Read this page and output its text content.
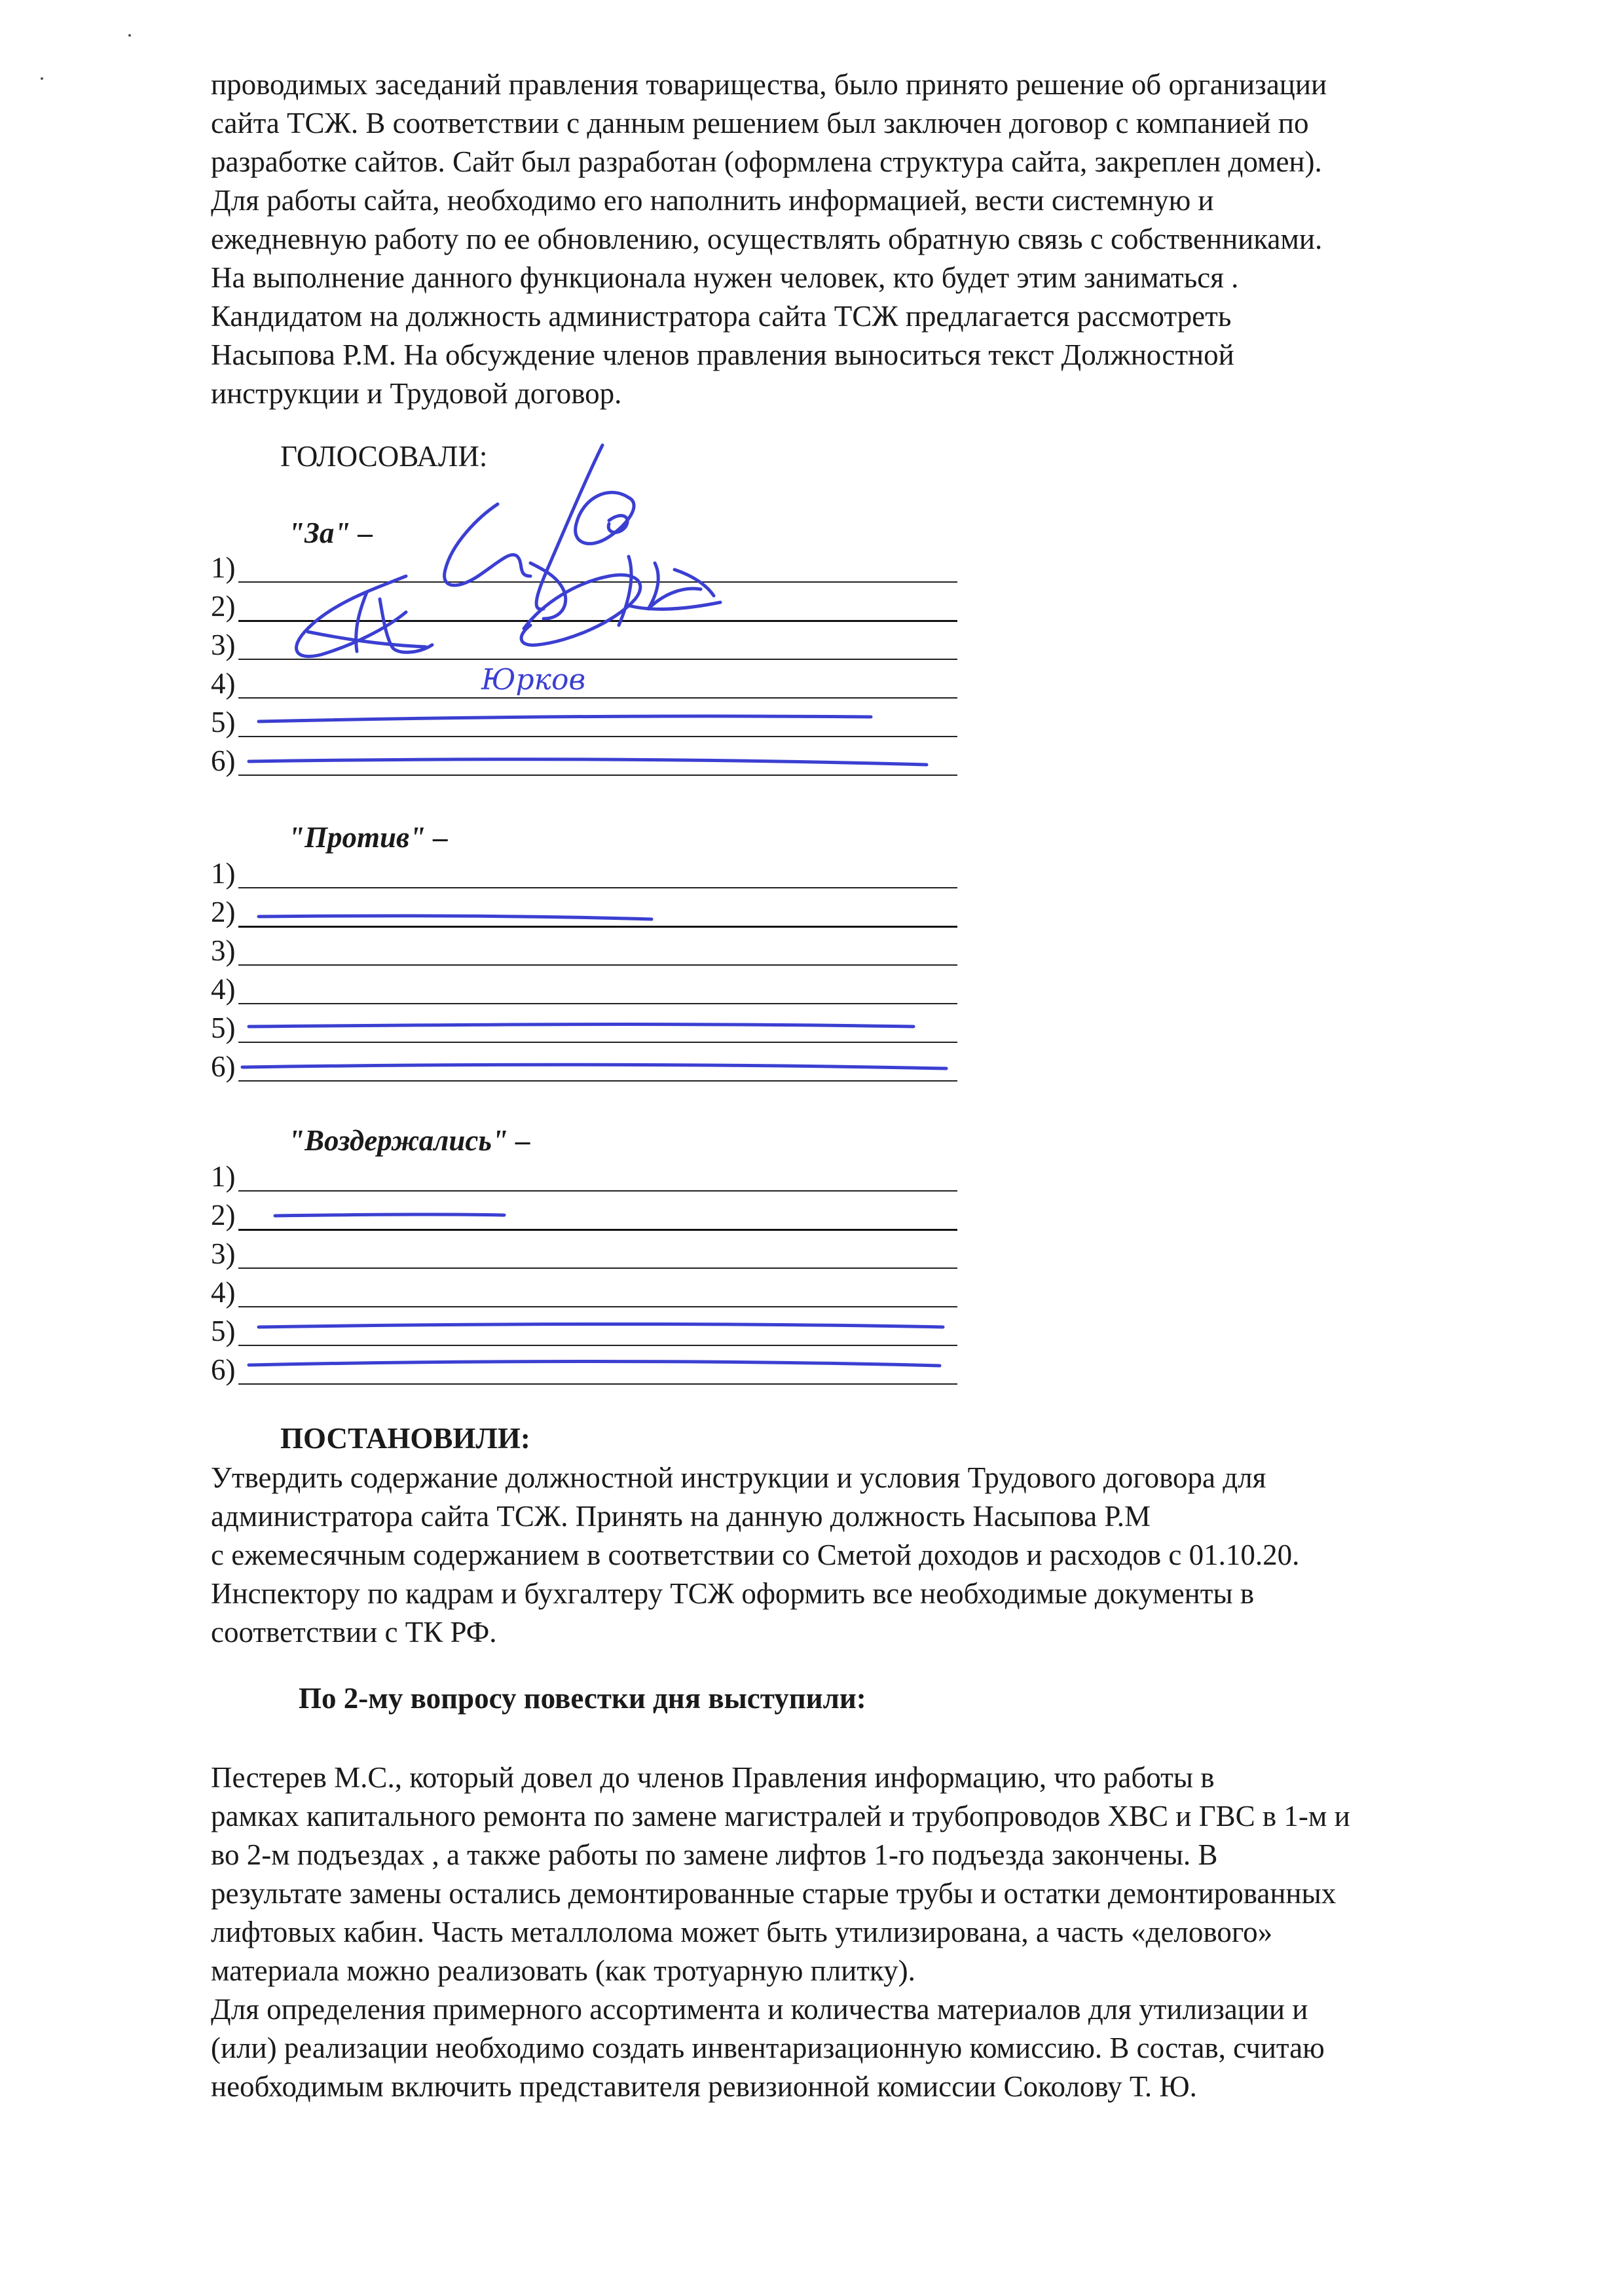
проводимых заседаний правления товарищества, было принято решение об организации

сайта ТСЖ. В соответствии с данным решением был заключен договор с компанией по

разработке сайтов. Сайт был разработан (оформлена структура сайта, закреплен домен).

Для работы сайта, необходимо его наполнить информацией, вести системную и

ежедневную работу по ее обновлению, осуществлять обратную связь с собственниками.

На выполнение данного функционала нужен человек, кто будет этим заниматься .

Кандидатом на должность администратора сайта ТСЖ предлагается рассмотреть

Насыпова Р.М. На обсуждение членов правления выноситься текст Должностной

инструкции и Трудовой договор.

ГОЛОСОВАЛИ:
"За" –
1)
2)
3)
4)
5)
6)
"Против" –
1)
2)
3)
4)
5)
6)
"Воздержались" –
1)
2)
3)
4)
5)
6)
Юрков
ПОСТАНОВИЛИ:

Утвердить содержание должностной инструкции и условия Трудового договора для

администратора сайта ТСЖ. Принять на данную должность Насыпова Р.М

с ежемесячным содержанием в соответствии со Сметой доходов и расходов с 01.10.20.

Инспектору по кадрам и бухгалтеру ТСЖ оформить все необходимые документы в

соответствии с ТК РФ.

По 2-му вопросу повестки дня выступили:

Пестерев М.С., который довел до членов Правления информацию, что работы в

рамках капитального ремонта по замене магистралей и трубопроводов ХВС и ГВС в 1-м и

во 2-м подъездах , а также работы по замене лифтов 1-го подъезда закончены. В

результате замены остались демонтированные старые трубы и остатки демонтированных

лифтовых кабин. Часть металлолома может быть утилизирована, а часть «делового»

материала можно реализовать (как тротуарную плитку).

Для определения примерного ассортимента и количества материалов для утилизации и

(или) реализации необходимо создать инвентаризационную комиссию. В состав, считаю

необходимым включить представителя ревизионной комиссии Соколову Т. Ю.
